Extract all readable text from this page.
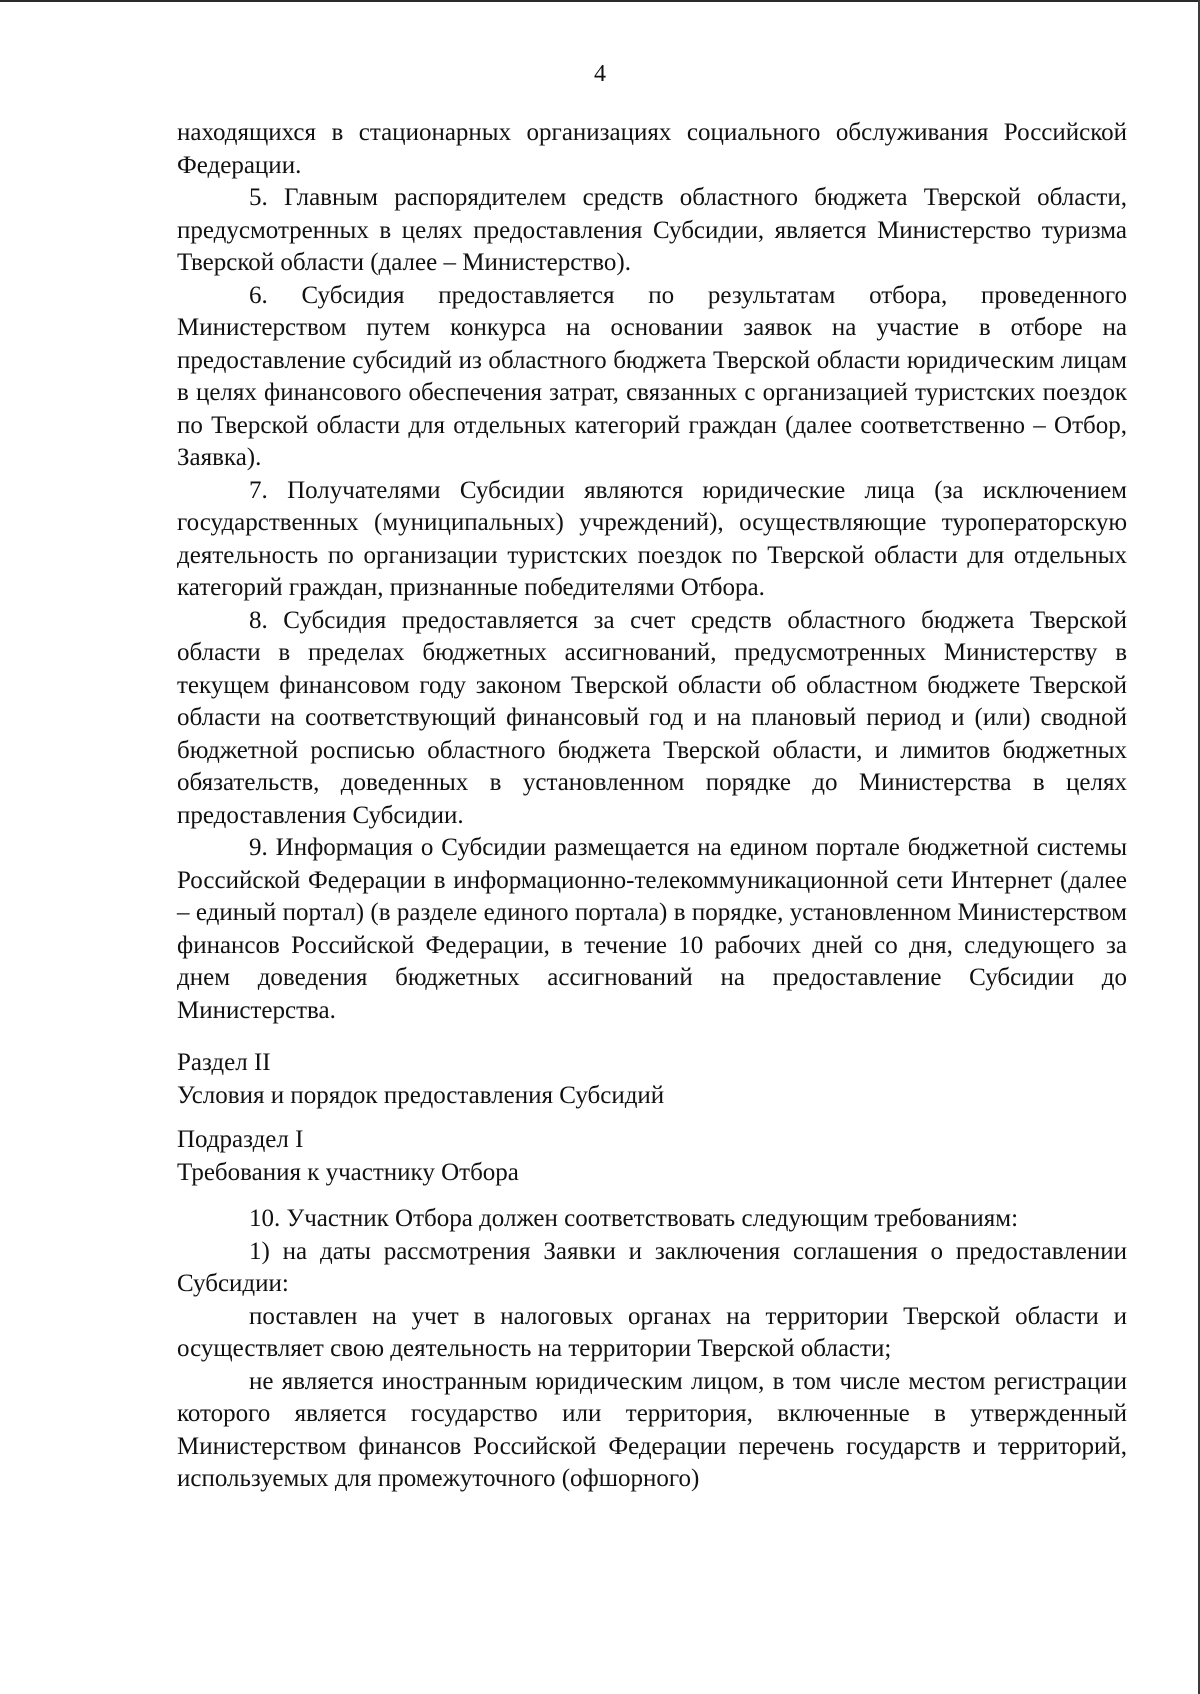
4

находящихся в стационарных организациях социального обслуживания Российской Федерации.

5. Главным распорядителем средств областного бюджета Тверской области, предусмотренных в целях предоставления Субсидии, является Министерство туризма Тверской области (далее – Министерство).

6. Субсидия предоставляется по результатам отбора, проведенного Министерством путем конкурса на основании заявок на участие в отборе на предоставление субсидий из областного бюджета Тверской области юридическим лицам в целях финансового обеспечения затрат, связанных с организацией туристских поездок по Тверской области для отдельных категорий граждан (далее соответственно – Отбор, Заявка).

7. Получателями Субсидии являются юридические лица (за исключением государственных (муниципальных) учреждений), осуществляющие туроператорскую деятельность по организации туристских поездок по Тверской области для отдельных категорий граждан, признанные победителями Отбора.

8. Субсидия предоставляется за счет средств областного бюджета Тверской области в пределах бюджетных ассигнований, предусмотренных Министерству в текущем финансовом году законом Тверской области об областном бюджете Тверской области на соответствующий финансовый год и на плановый период и (или) сводной бюджетной росписью областного бюджета Тверской области, и лимитов бюджетных обязательств, доведенных в установленном порядке до Министерства в целях предоставления Субсидии.

9. Информация о Субсидии размещается на едином портале бюджетной системы Российской Федерации в информационно-телекоммуникационной сети Интернет (далее – единый портал) (в разделе единого портала) в порядке, установленном Министерством финансов Российской Федерации, в течение 10 рабочих дней со дня, следующего за днем доведения бюджетных ассигнований на предоставление Субсидии до Министерства.

Раздел II

Условия и порядок предоставления Субсидий

Подраздел I

Требования к участнику Отбора

10. Участник Отбора должен соответствовать следующим требованиям:

1) на даты рассмотрения Заявки и заключения соглашения о предоставлении Субсидии:

поставлен на учет в налоговых органах на территории Тверской области и осуществляет свою деятельность на территории Тверской области;

не является иностранным юридическим лицом, в том числе местом регистрации которого является государство или территория, включенные в утвержденный Министерством финансов Российской Федерации перечень государств и территорий, используемых для промежуточного (офшорного)
